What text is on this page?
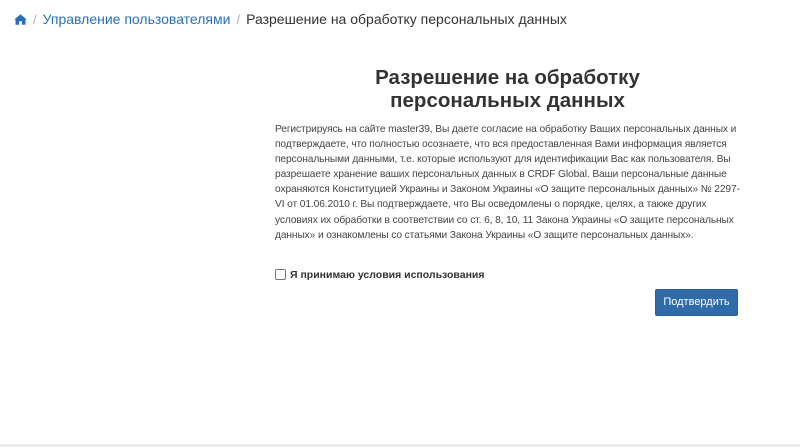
/ Управление пользователями / Разрешение на обработку персональных данных
Разрешение на обработку персональных данных

Регистрируясь на сайте master39, Вы даете согласие на обработку Ваших персональных данных и подтверждаете, что полностью осознаете, что вся предоставленная Вами информация является персональными данными, т.е. которые используют для идентификации Вас как пользователя. Вы разрешаете хранение ваших персональных данных в CRDF Global. Ваши персональные данные охраняются Конституцией Украины и Законом Украины «О защите персональных данных» № 2297-VI от 01.06.2010 г. Вы подтверждаете, что Вы осведомлены о порядке, целях, а также других условиях их обработки в соответствии со ст. 6, 8, 10, 11 Закона Украины «О защите персональных данных» и ознакомлены со статьями Закона Украины «О защите персональных данных».

Я принимаю условия использования
Подтвердить
